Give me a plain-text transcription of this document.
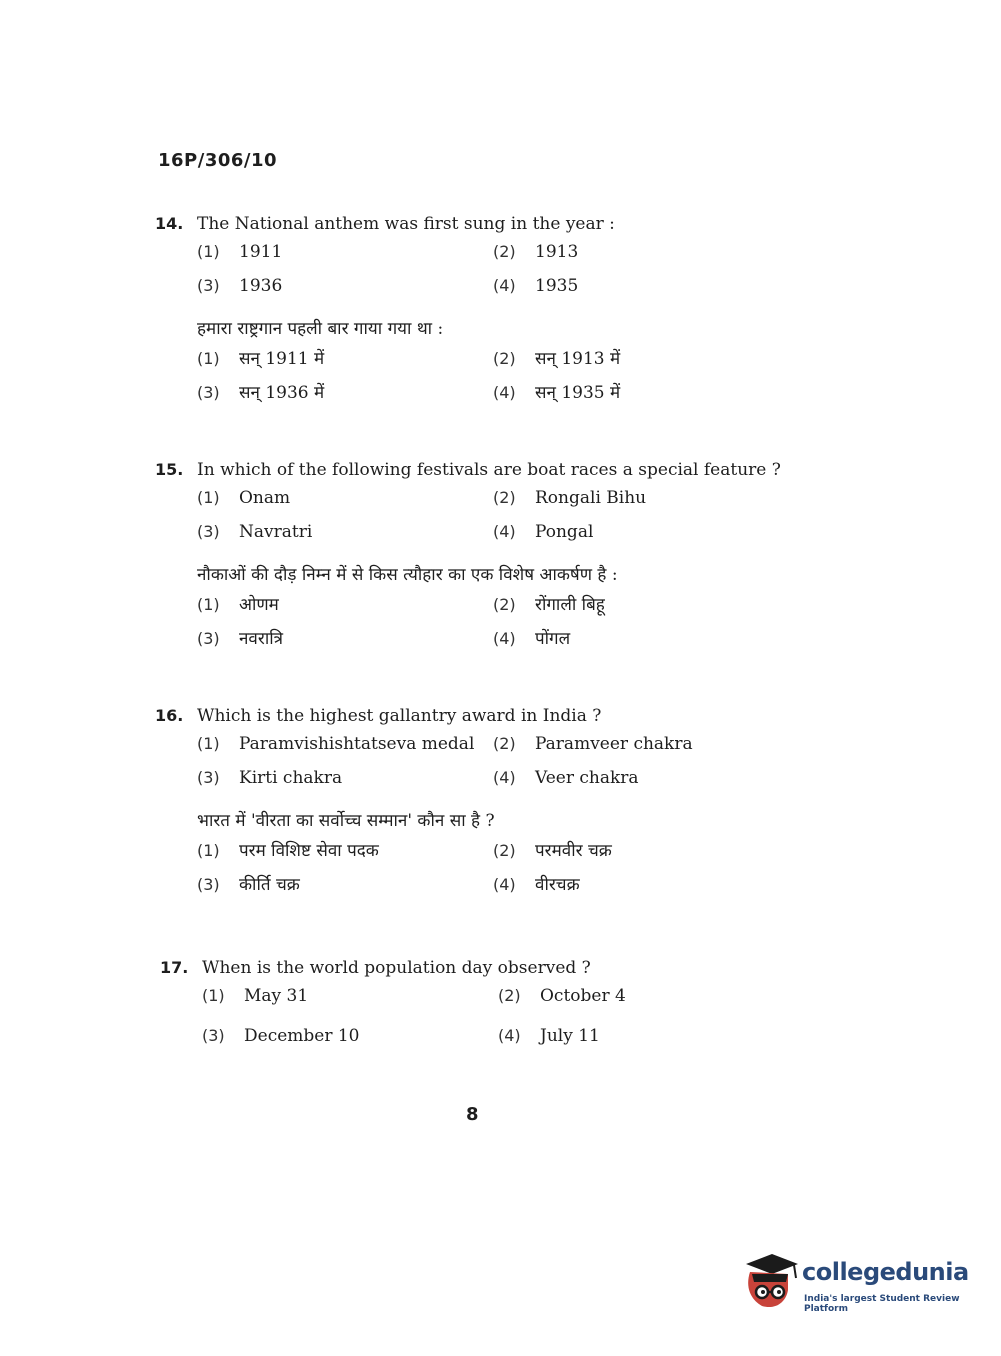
16P/306/10
14. The National anthem was first sung in the year :
(1)	1911	(2)	1913
(3)	1936	(4)	1935
हमारा राष्ट्रगान पहली बार गाया गया था :
(1)	सन् 1911 में	(2)	सन् 1913 में
(3)	सन् 1936 में	(4)	सन् 1935 में
15. In which of the following festivals are boat races a special feature ?
(1)	Onam	(2)	Rongali Bihu
(3)	Navratri	(4)	Pongal
नौकाओं की दौड़ निम्न में से किस त्यौहार का एक विशेष आकर्षण है :
(1)	ओणम	(2)	रोंगाली बिहू
(3)	नवरात्रि	(4)	पोंगल
16. Which is the highest gallantry award in India ?
(1)	Paramvishishtatseva medal	(2)	Paramveer chakra
(3)	Kirti chakra	(4)	Veer chakra
भारत में 'वीरता का सर्वोच्च सम्मान' कौन सा है ?
(1)	परम विशिष्ट सेवा पदक	(2)	परमवीर चक्र
(3)	कीर्ति चक्र	(4)	वीरचक्र
17. When is the world population day observed ?
(1)	May 31	(2)	October 4
(3)	December 10	(4)	July 11
8
collegedunia
India's largest Student Review Platform
